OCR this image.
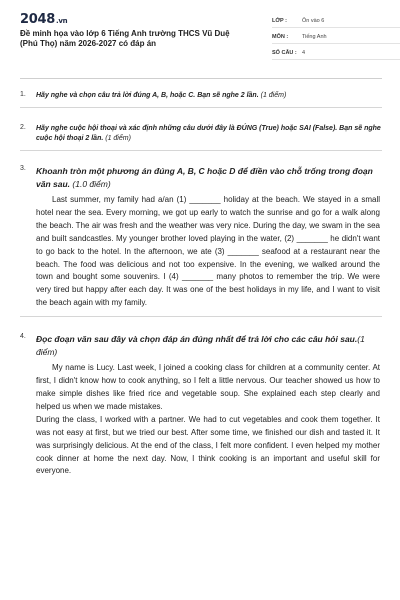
2048.vn
Đề minh họa vào lớp 6 Tiếng Anh trường THCS Vũ Duệ (Phú Thọ) năm 2026-2027 có đáp án
LỚP :	Ôn vào 6
MÔN :	Tiếng Anh
SỐ CÂU : 4
1. Hãy nghe và chọn câu trả lời đúng A, B, hoặc C. Bạn sẽ nghe 2 lần. (1 điểm)
2. Hãy nghe cuộc hội thoại và xác định những câu dưới đây là ĐÚNG (True) hoặc SAI (False). Bạn sẽ nghe cuộc hội thoại 2 lần. (1 điểm)
3. Khoanh tròn một phương án đúng A, B, C hoặc D để điền vào chỗ trống trong đoạn văn sau. (1.0 điểm)

Last summer, my family had a/an (1) _______ holiday at the beach. We stayed in a small hotel near the sea. Every morning, we got up early to watch the sunrise and go for a walk along the beach. The air was fresh and the weather was very nice. During the day, we swam in the sea and built sandcastles. My younger brother loved playing in the water, (2) _______ he didn't want to go back to the hotel. In the afternoon, we ate (3) _______ seafood at a restaurant near the beach. The food was delicious and not too expensive. In the evening, we walked around the town and bought some souvenirs. I (4) _______ many photos to remember the trip. We were very tired but happy after each day. It was one of the best holidays in my life, and I want to visit the beach again with my family.

4. Đọc đoạn văn sau đây và chọn đáp án đúng nhất để trả lời cho các câu hỏi sau.(1 điểm)

My name is Lucy. Last week, I joined a cooking class for children at a community center. At first, I didn't know how to cook anything, so I felt a little nervous. Our teacher showed us how to make simple dishes like fried rice and vegetable soup. She explained each step clearly and helped us when we made mistakes.

During the class, I worked with a partner. We had to cut vegetables and cook them together. It was not easy at first, but we tried our best. After some time, we finished our dish and tasted it. It was surprisingly delicious. At the end of the class, I felt more confident. I even helped my mother cook dinner at home the next day. Now, I think cooking is an important and useful skill for everyone.
